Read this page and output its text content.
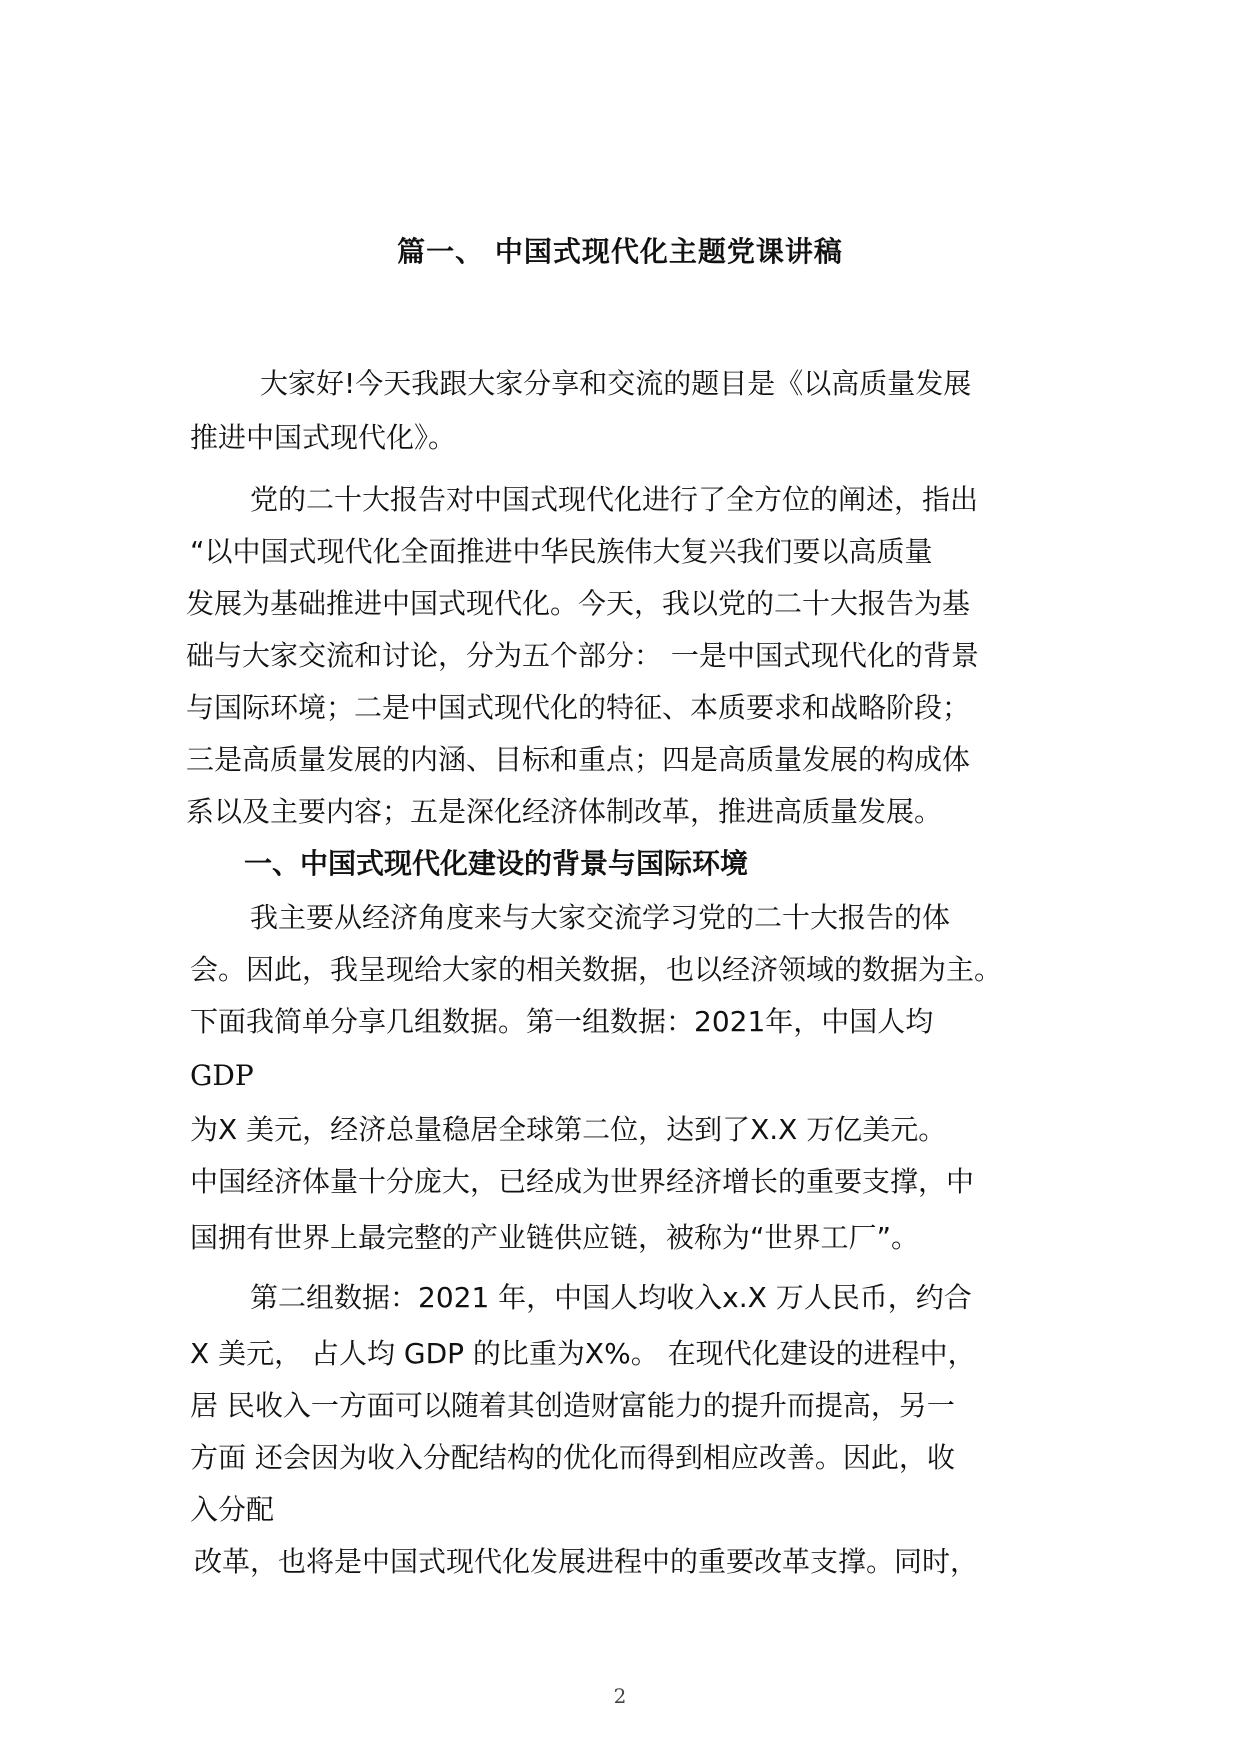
篇一、 中国式现代化主题党课讲稿
大家好!今天我跟大家分享和交流的题目是《以高质量发展
推进中国式现代化》。
党的二十大报告对中国式现代化进行了全方位的阐述，指出
“以中国式现代化全面推进中华民族伟大复兴我们要以高质量
发展为基础推进中国式现代化。今天，我以党的二十大报告为基
础与大家交流和讨论，分为五个部分： 一是中国式现代化的背景
与国际环境；二是中国式现代化的特征、本质要求和战略阶段；
三是高质量发展的内涵、目标和重点；四是高质量发展的构成体
系以及主要内容；五是深化经济体制改革，推进高质量发展。
一、中国式现代化建设的背景与国际环境
我主要从经济角度来与大家交流学习党的二十大报告的体
会。因此，我呈现给大家的相关数据，也以经济领域的数据为主。
下面我简单分享几组数据。第一组数据：2021年，中国人均
GDP
为X 美元，经济总量稳居全球第二位，达到了X.X 万亿美元。
中国经济体量十分庞大，已经成为世界经济增长的重要支撑，中
国拥有世界上最完整的产业链供应链，被称为“世界工厂”。
第二组数据：2021 年，中国人均收入x.X 万人民币，约合
X 美元， 占人均 GDP 的比重为X%。 在现代化建设的进程中，
居 民收入一方面可以随着其创造财富能力的提升而提高，另一
方面 还会因为收入分配结构的优化而得到相应改善。因此，收
入分配
改革，也将是中国式现代化发展进程中的重要改革支撑。同时，
2
